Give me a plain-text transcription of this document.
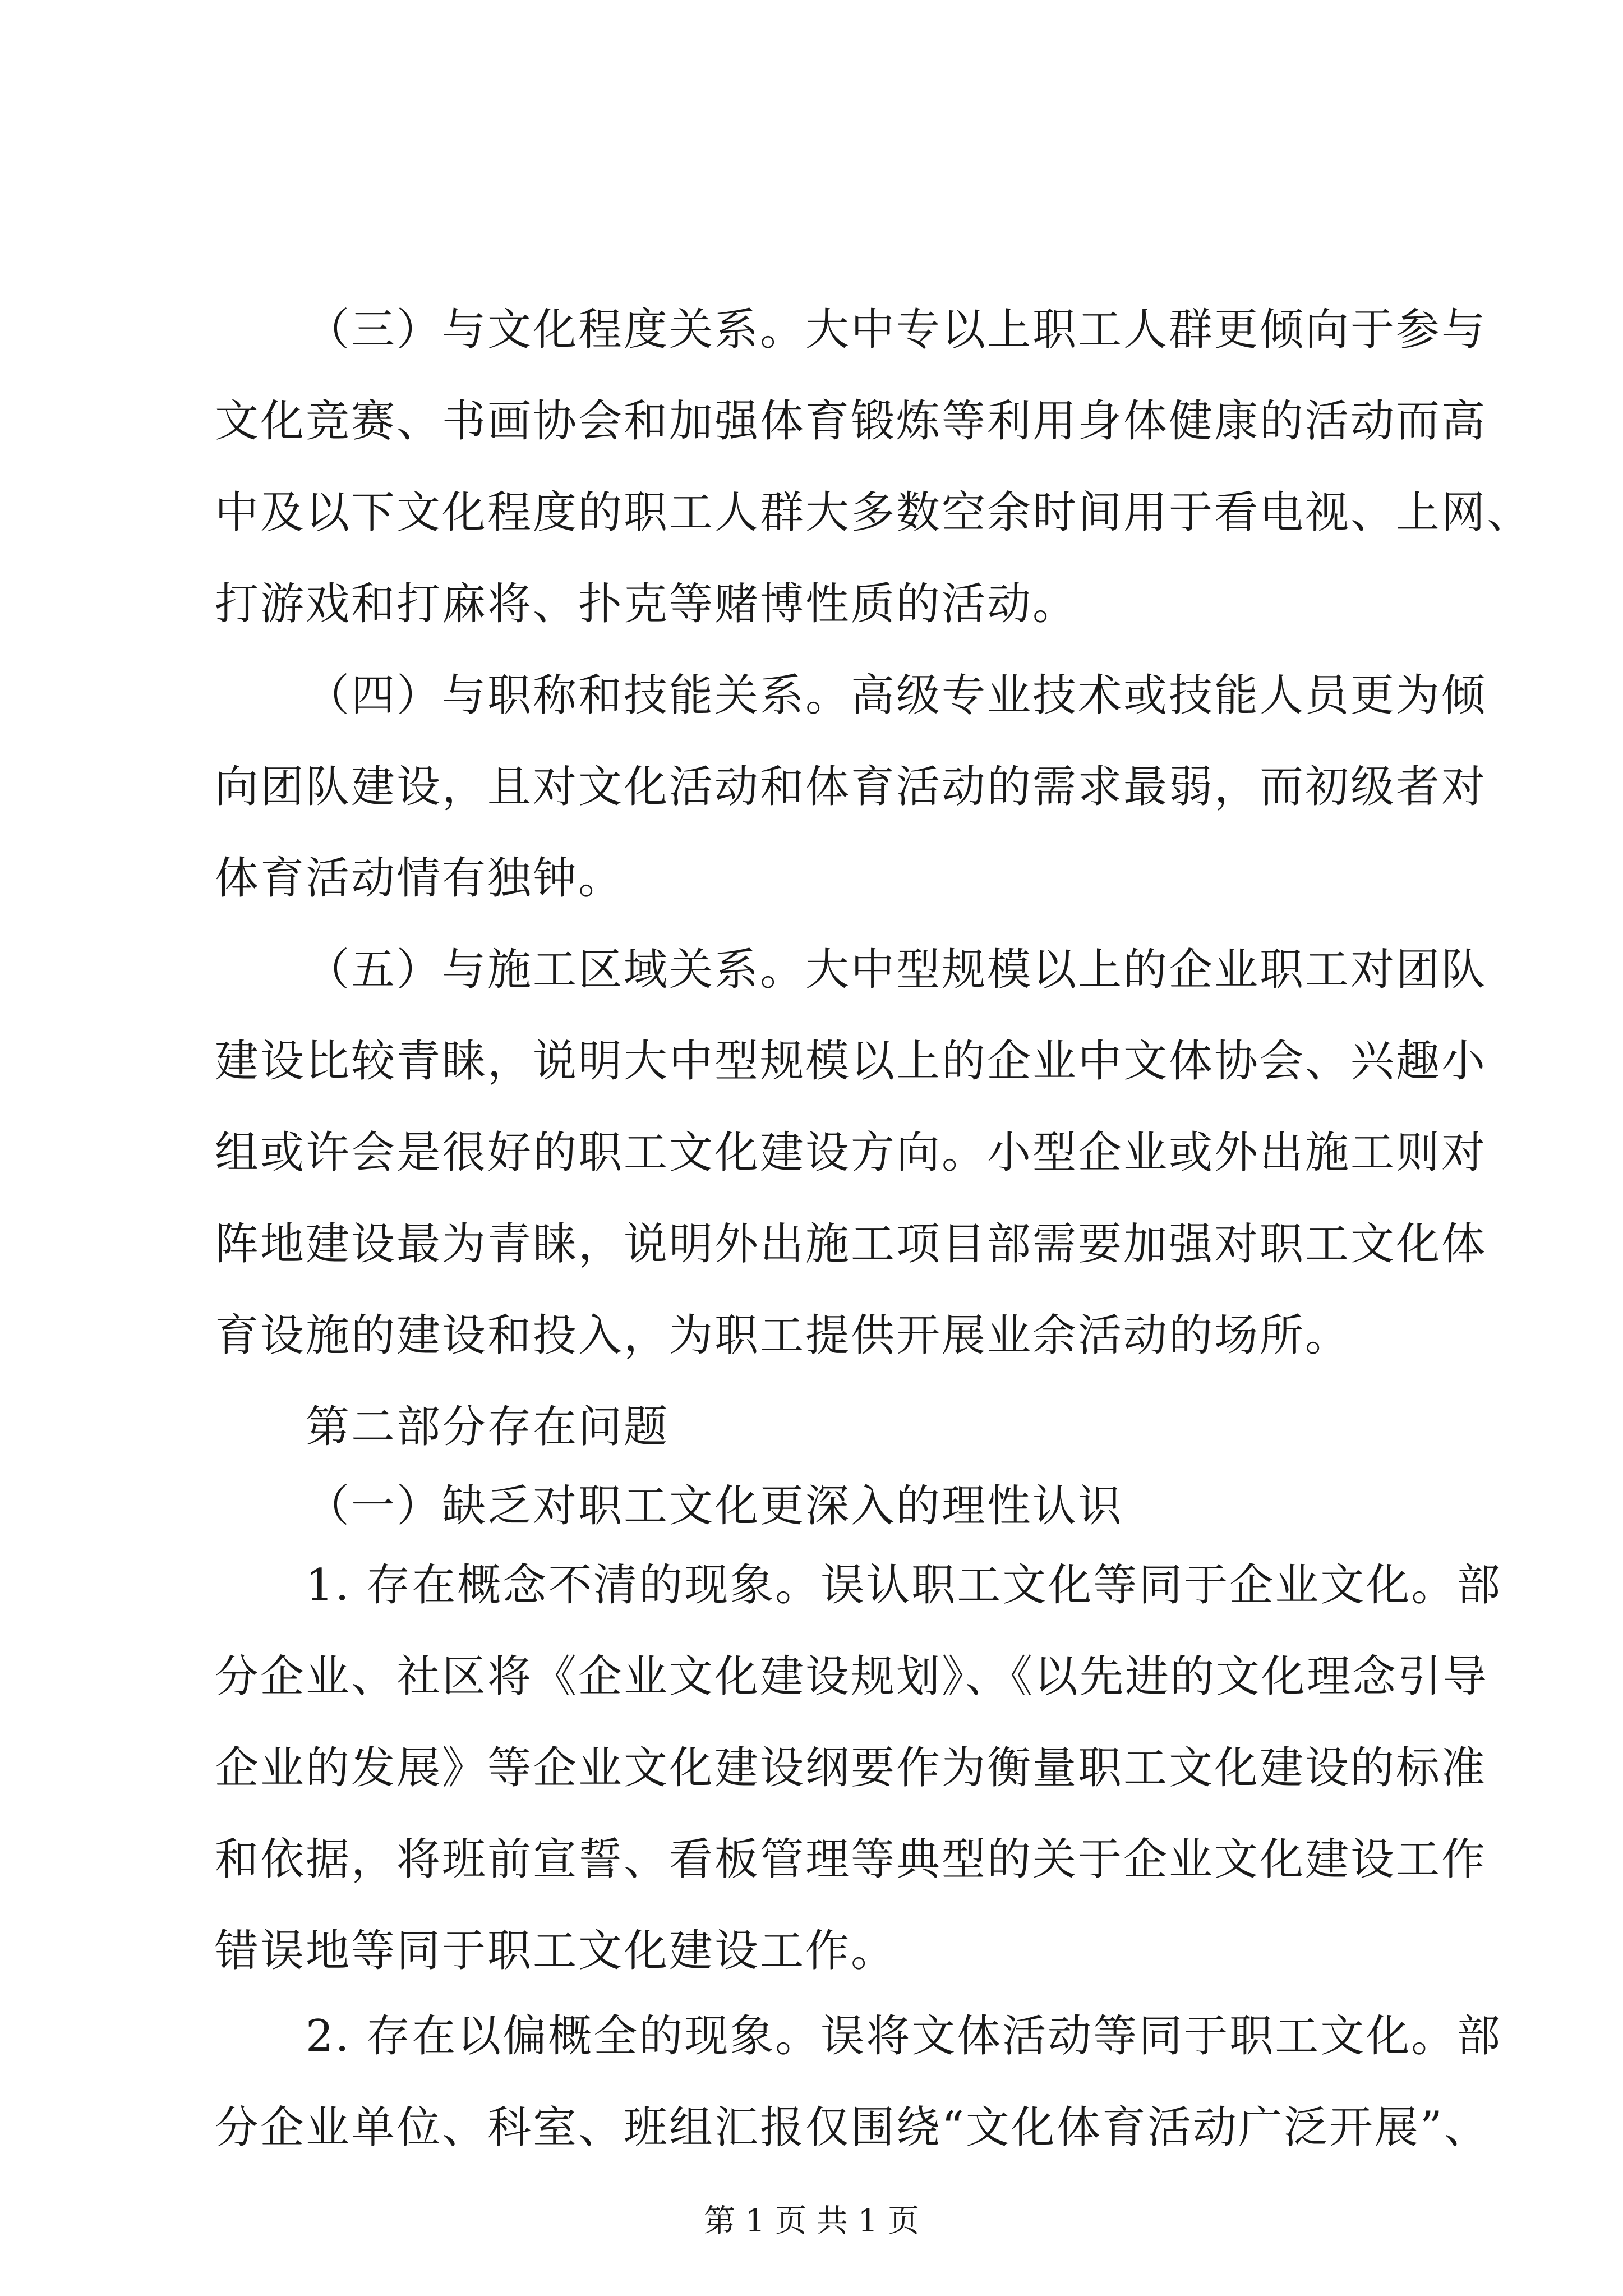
（三）与文化程度关系。大中专以上职工人群更倾向于参与
文化竞赛、书画协会和加强体育锻炼等利用身体健康的活动而高
中及以下文化程度的职工人群大多数空余时间用于看电视、上网、
打游戏和打麻将、扑克等赌博性质的活动。
（四）与职称和技能关系。高级专业技术或技能人员更为倾
向团队建设，且对文化活动和体育活动的需求最弱，而初级者对
体育活动情有独钟。
（五）与施工区域关系。大中型规模以上的企业职工对团队
建设比较青睐，说明大中型规模以上的企业中文体协会、兴趣小
组或许会是很好的职工文化建设方向。小型企业或外出施工则对
阵地建设最为青睐，说明外出施工项目部需要加强对职工文化体
育设施的建设和投入，为职工提供开展业余活动的场所。
第二部分存在问题
（一）缺乏对职工文化更深入的理性认识
1. 存在概念不清的现象。误认职工文化等同于企业文化。部
分企业、社区将《企业文化建设规划》、《以先进的文化理念引导
企业的发展》等企业文化建设纲要作为衡量职工文化建设的标准
和依据，将班前宣誓、看板管理等典型的关于企业文化建设工作
错误地等同于职工文化建设工作。
2. 存在以偏概全的现象。误将文体活动等同于职工文化。部
分企业单位、科室、班组汇报仅围绕“文化体育活动广泛开展”、
第 1 页 共 1 页
